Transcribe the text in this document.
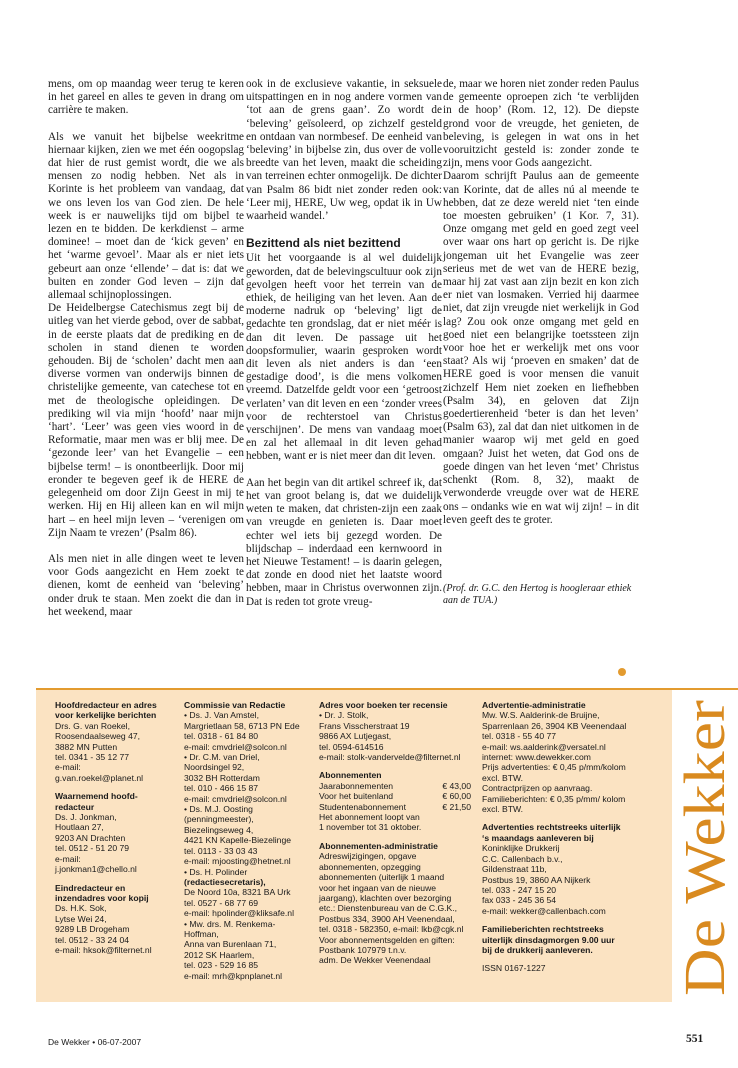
mens, om op maandag weer terug te keren in het gareel en alles te geven in drang om carrière te maken.

Als we vanuit het bijbelse weekritme hiernaar kijken, zien we met één oogopslag dat hier de rust gemist wordt, die we als mensen zo nodig hebben. Net als in Korinte is het probleem van vandaag, dat we ons leven los van God zien. De hele week is er nauwelijks tijd om bijbel te lezen en te bidden. De kerkdienst – arme dominee! – moet dan de ‘kick geven’ en het ‘warme gevoel’. Maar als er niet iets gebeurt aan onze ‘ellende’ – dat is: dat we buiten en zonder God leven – zijn dat allemaal schijnoplossingen.

De Heidelbergse Catechismus zegt bij de uitleg van het vierde gebod, over de sabbat, in de eerste plaats dat de prediking en de scholen in stand dienen te worden gehouden. Bij de ‘scholen’ dacht men aan diverse vormen van onderwijs binnen de christelijke gemeente, van catechese tot en met de theologische opleidingen. De prediking wil via mijn ‘hoofd’ naar mijn ‘hart’. ‘Leer’ was geen vies woord in de Reformatie, maar men was er blij mee. De ‘gezonde leer’ van het Evangelie – een bijbelse term! – is onontbeerlijk. Door mij eronder te begeven geef ik de HERE de gelegenheid om door Zijn Geest in mij te werken. Hij en Hij alleen kan en wil mijn hart – en heel mijn leven – ‘verenigen om Zijn Naam te vrezen’ (Psalm 86).

Als men niet in alle dingen weet te leven voor Gods aangezicht en Hem zoekt te dienen, komt de eenheid van ‘beleving’ onder druk te staan. Men zoekt die dan in het weekend, maar

ook in de exclusieve vakantie, in seksuele uitspattingen en in nog andere vormen van ‘tot aan de grens gaan’. Zo wordt de ‘beleving’ geïsoleerd, op zichzelf gesteld en ontdaan van normbesef. De eenheid van ‘beleving’ in bijbelse zin, dus over de volle breedte van het leven, maakt die scheiding van terreinen echter onmogelijk. De dichter van Psalm 86 bidt niet zonder reden ook: ‘Leer mij, HERE, Uw weg, opdat ik in Uw waarheid wandel.’

Bezittend als niet bezittend

Uit het voorgaande is al wel duidelijk geworden, dat de belevingscultuur ook zijn gevolgen heeft voor het terrein van de ethiek, de heiliging van het leven. Aan de moderne nadruk op ‘beleving’ ligt de gedachte ten grondslag, dat er niet méér is dan dit leven. De passage uit het doopsformulier, waarin gesproken wordt dit leven als niet anders is dan ‘een gestadige dood’, is die mens volkomen vreemd. Datzelfde geldt voor een ‘getroost verlaten’ van dit leven en een ‘zonder vrees voor de rechterstoel van Christus verschijnen’. De mens van vandaag moet en zal het allemaal in dit leven gehad hebben, want er is niet meer dan dit leven.

Aan het begin van dit artikel schreef ik, dat het van groot belang is, dat we duidelijk weten te maken, dat christen-zijn een zaak van vreugde en genieten is. Daar moet echter wel iets bij gezegd worden. De blijdschap – inderdaad een kernwoord in het Nieuwe Testament! – is daarin gelegen, dat zonde en dood niet het laatste woord hebben, maar in Christus overwonnen zijn. Dat is reden tot grote vreug-

de, maar we horen niet zonder reden Paulus de gemeente oproepen zich ‘te verblijden in de hoop’ (Rom. 12, 12). De diepste grond voor de vreugde, het genieten, de beleving, is gelegen in wat ons in het vooruitzicht gesteld is: zonder zonde te zijn, mens voor Gods aangezicht.

Daarom schrijft Paulus aan de gemeente van Korinte, dat de alles nú al meende te hebben, dat ze deze wereld niet ‘ten einde toe moesten gebruiken’ (1 Kor. 7, 31). Onze omgang met geld en goed zegt veel over waar ons hart op gericht is. De rijke jongeman uit het Evangelie was zeer serieus met de wet van de HERE bezig, maar hij zat vast aan zijn bezit en kon zich er niet van losmaken. Verried hij daarmee niet, dat zijn vreugde niet werkelijk in God lag? Zou ook onze omgang met geld en goed niet een belangrijke toetssteen zijn voor hoe het er werkelijk met ons voor staat? Als wij ‘proeven en smaken’ dat de HERE goed is voor mensen die vanuit zichzelf Hem niet zoeken en liefhebben (Psalm 34), en geloven dat Zijn goedertierenheid ‘beter is dan het leven’ (Psalm 63), zal dat dan niet uitkomen in de manier waarop wij met geld en goed omgaan? Juist het weten, dat God ons de goede dingen van het leven ‘met’ Christus schenkt (Rom. 8, 32), maakt de verwonderde vreugde over wat de HERE ons – ondanks wie en wat wij zijn! – in dit leven geeft des te groter.

(Prof. dr. G.C. den Hertog is hoogleraar ethiek aan de TUA.)

Hoofdredacteur en adres
voor kerkelijke berichten
Drs. G. van Roekel,
Roosendaalseweg 47,
3882 MN Putten
tel. 0341 - 35 12 77
e-mail:
g.van.roekel@planet.nl
Waarnemend hoofd-
redacteur
Ds. J. Jonkman,
Houtlaan 27,
9203 AN Drachten
tel. 0512 - 51 20 79
e-mail:
j.jonkman1@chello.nl
Eindredacteur en
inzendadres voor kopij
Ds. H.K. Sok,
Lytse Wei 24,
9289 LB Drogeham
tel. 0512 - 33 24 04
e-mail: hksok@filternet.nl
Commissie van Redactie
• Ds. J. Van Amstel,
Margrietlaan 58, 6713 PN Ede
tel. 0318 - 61 84 80
e-mail: cmvdriel@solcon.nl
• Dr. C.M. van Driel,
Noordsingel 92,
3032 BH Rotterdam
tel. 010 - 466 15 87
e-mail: cmvdriel@solcon.nl
• Ds. M.J. Oosting
(penningmeester),
Biezelingseweg 4,
4421 KN Kapelle-Biezelinge
tel. 0113 - 33 03 43
e-mail: mjoosting@hetnet.nl
• Ds. H. Polinder
(redactiesecretaris),
De Noord 10a, 8321 BA Urk
tel. 0527 - 68 77 69
e-mail: hpolinder@kliksafe.nl
• Mw. drs. M. Renkema-
Hoffman,
Anna van Burenlaan 71,
2012 SK Haarlem,
tel. 023 - 529 16 85
e-mail: mrh@kpnplanet.nl
Adres voor boeken ter recensie
• Dr. J. Stolk,
Frans Visscherstraat 19
9866 AX Lutjegast,
tel. 0594-614516
e-mail: stolk-vandervelde@filternet.nl
Abonnementen
Jaarabonnementen	€ 43,00
Voor het buitenland	€ 60,00
Studentenabonnement	€ 21,50
Het abonnement loopt van
1 november tot 31 oktober.
Abonnementen-administratie
Adreswijzigingen, opgave
abonnementen, opzegging
abonnementen (uiterlijk 1 maand
voor het ingaan van de nieuwe
jaargang), klachten over bezorging
etc.: Dienstenbureau van de C.G.K.,
Postbus 334, 3900 AH Veenendaal,
tel. 0318 - 582350, e-mail: lkb@cgk.nl
Voor abonnementsgelden en giften:
Postbank 107979 t.n.v.
adm. De Wekker Veenendaal
Advertentie-administratie
Mw. W.S. Aalderink-de Bruijne,
Sparrenlaan 26, 3904 KB Veenendaal
tel. 0318 - 55 40 77
e-mail: ws.aalderink@versatel.nl
internet: www.dewekker.com
Prijs advertenties: € 0,45 p/mm/kolom
excl. BTW.
Contractprijzen op aanvraag.
Familieberichten: € 0,35 p/mm/ kolom
excl. BTW.
Advertenties rechtstreeks uiterlijk
‘s maandags aanleveren bij
Koninklijke Drukkerij
C.C. Callenbach b.v.,
Gildenstraat 11b,
Postbus 19, 3860 AA Nijkerk
tel. 033 - 247 15 20
fax 033 - 245 36 54
e-mail: wekker@callenbach.com
Familieberichten rechtstreeks
uiterlijk dinsdagmorgen 9.00 uur
bij de drukkerij aanleveren.
ISSN 0167-1227	De Wekker
De Wekker • 06-07-2007	551
